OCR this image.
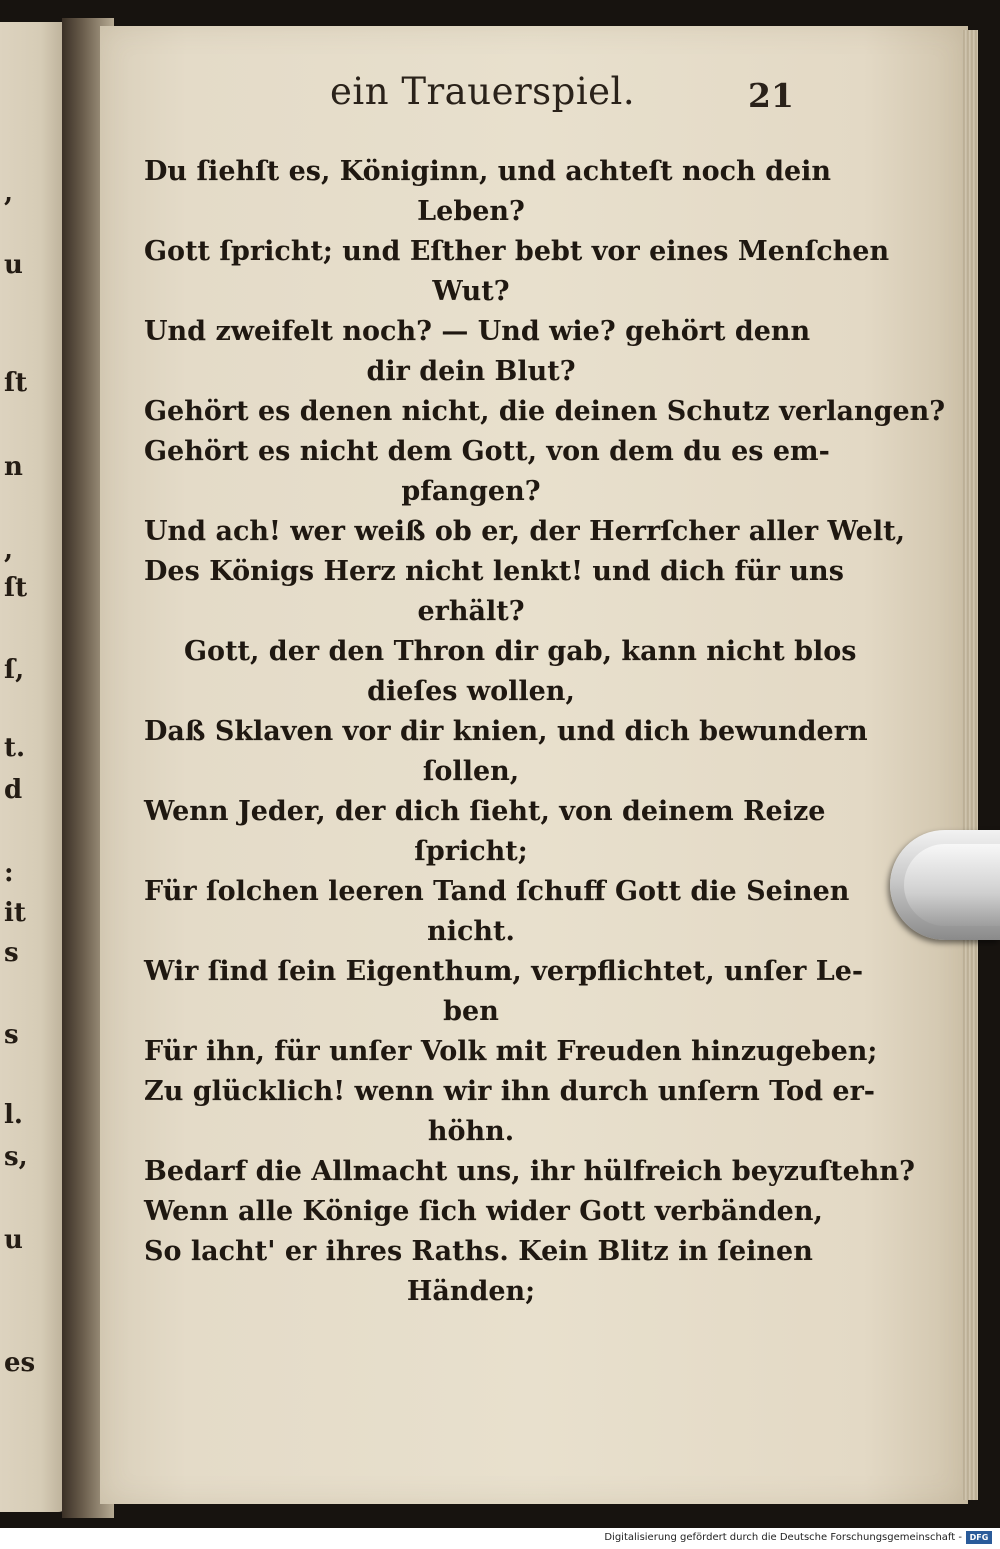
,
u
ſt
n
,
ſt
ſ,
t.
d
:
it
s
s
l.
s,
u
es
ein Trauerspiel.	21
Du ſiehſt es, Königinn, und achteſt noch dein
Leben?
Gott ſpricht; und Eſther bebt vor eines Menſchen
Wut?
Und zweifelt noch? — Und wie? gehört denn
dir dein Blut?
Gehört es denen nicht, die deinen Schutz verlangen?
Gehört es nicht dem Gott, von dem du es em-
pfangen?
Und ach! wer weiß ob er, der Herrſcher aller Welt,
Des Königs Herz nicht lenkt! und dich für uns
erhält?
Gott, der den Thron dir gab, kann nicht blos
dieſes wollen,
Daß Sklaven vor dir knien, und dich bewundern
ſollen,
Wenn Jeder, der dich ſieht, von deinem Reize
ſpricht;
Für ſolchen leeren Tand ſchuff Gott die Seinen
nicht.
Wir ſind ſein Eigenthum, verpflichtet, unſer Le-
ben
Für ihn, für unſer Volk mit Freuden hinzugeben;
Zu glücklich! wenn wir ihn durch unſern Tod er-
höhn.
Bedarf die Allmacht uns, ihr hülfreich beyzuſtehn?
Wenn alle Könige ſich wider Gott verbänden,
So lacht' er ihres Raths. Kein Blitz in ſeinen
Händen;
Digitalisierung gefördert durch die Deutsche Forschungsgemeinschaft - DFG
